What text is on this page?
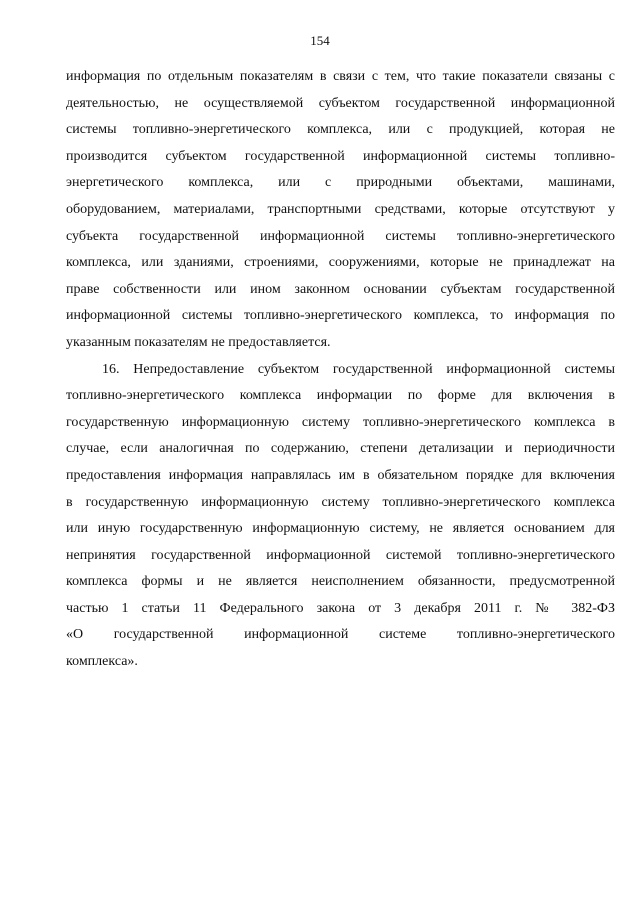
154
информация по отдельным показателям в связи с тем, что такие показатели связаны с
деятельностью, не осуществляемой субъектом государственной информационной
системы топливно-энергетического комплекса, или с продукцией, которая не
производится субъектом государственной информационной системы топливно-
энергетического комплекса, или с природными объектами, машинами,
оборудованием, материалами, транспортными средствами, которые отсутствуют у
субъекта государственной информационной системы топливно-энергетического
комплекса, или зданиями, строениями, сооружениями, которые не принадлежат на
праве собственности или ином законном основании субъектам государственной
информационной системы топливно-энергетического комплекса, то информация по
указанным показателям не предоставляется.
16. Непредоставление субъектом государственной информационной системы
топливно-энергетического комплекса информации по форме для включения в
государственную информационную систему топливно-энергетического комплекса в
случае, если аналогичная по содержанию, степени детализации и периодичности
предоставления информация направлялась им в обязательном порядке для включения
в государственную информационную систему топливно-энергетического комплекса
или иную государственную информационную систему, не является основанием для
непринятия государственной информационной системой топливно-энергетического
комплекса формы и не является неисполнением обязанности, предусмотренной
частью 1 статьи 11 Федерального закона от 3 декабря 2011 г. № 382-ФЗ
«О государственной информационной системе топливно-энергетического
комплекса».
